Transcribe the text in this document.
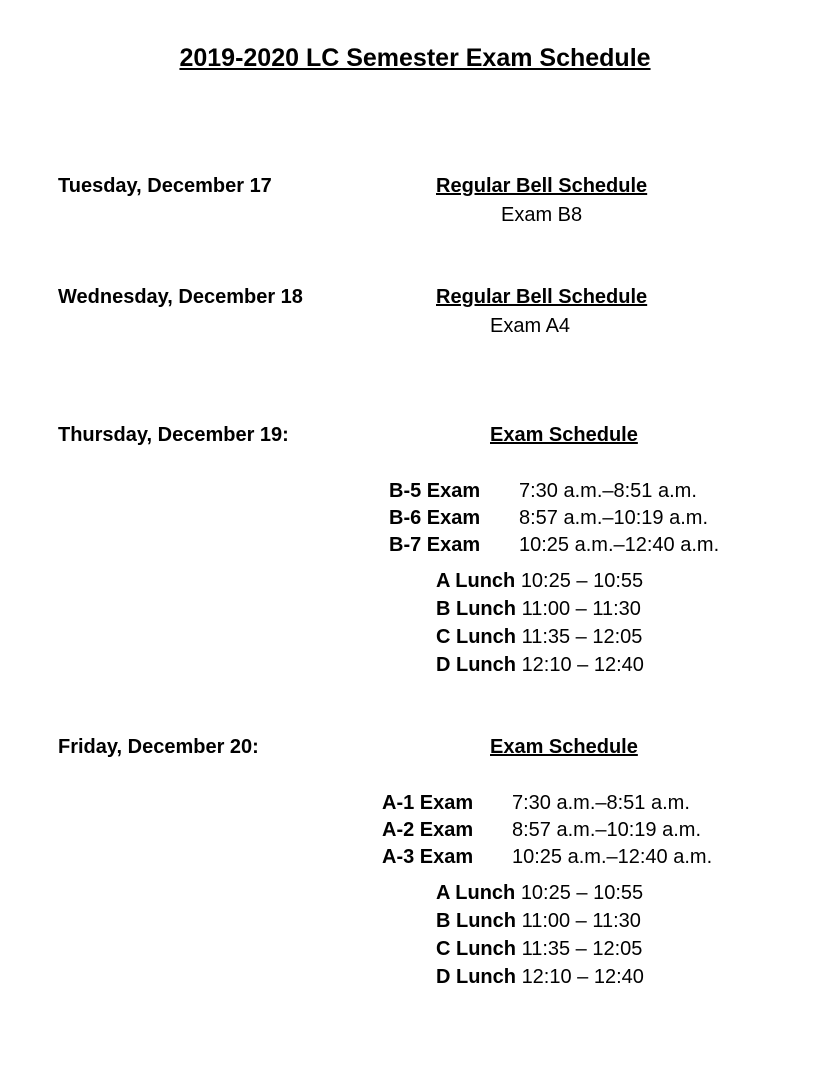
2019-2020 LC Semester Exam Schedule
Tuesday, December 17	Regular Bell Schedule
Exam B8
Wednesday, December 18	Regular Bell Schedule
Exam A4
Thursday, December 19:	Exam Schedule
B-5 Exam 7:30 a.m.–8:51 a.m.
B-6 Exam 8:57 a.m.–10:19 a.m.
B-7 Exam 10:25 a.m.–12:40 a.m.
A Lunch 10:25 – 10:55
B Lunch 11:00 – 11:30
C Lunch 11:35 – 12:05
D Lunch 12:10 – 12:40
Friday, December 20:	Exam Schedule
A-1 Exam 7:30 a.m.–8:51 a.m.
A-2 Exam 8:57 a.m.–10:19 a.m.
A-3 Exam 10:25 a.m.–12:40 a.m.
A Lunch 10:25 – 10:55
B Lunch 11:00 – 11:30
C Lunch 11:35 – 12:05
D Lunch 12:10 – 12:40
